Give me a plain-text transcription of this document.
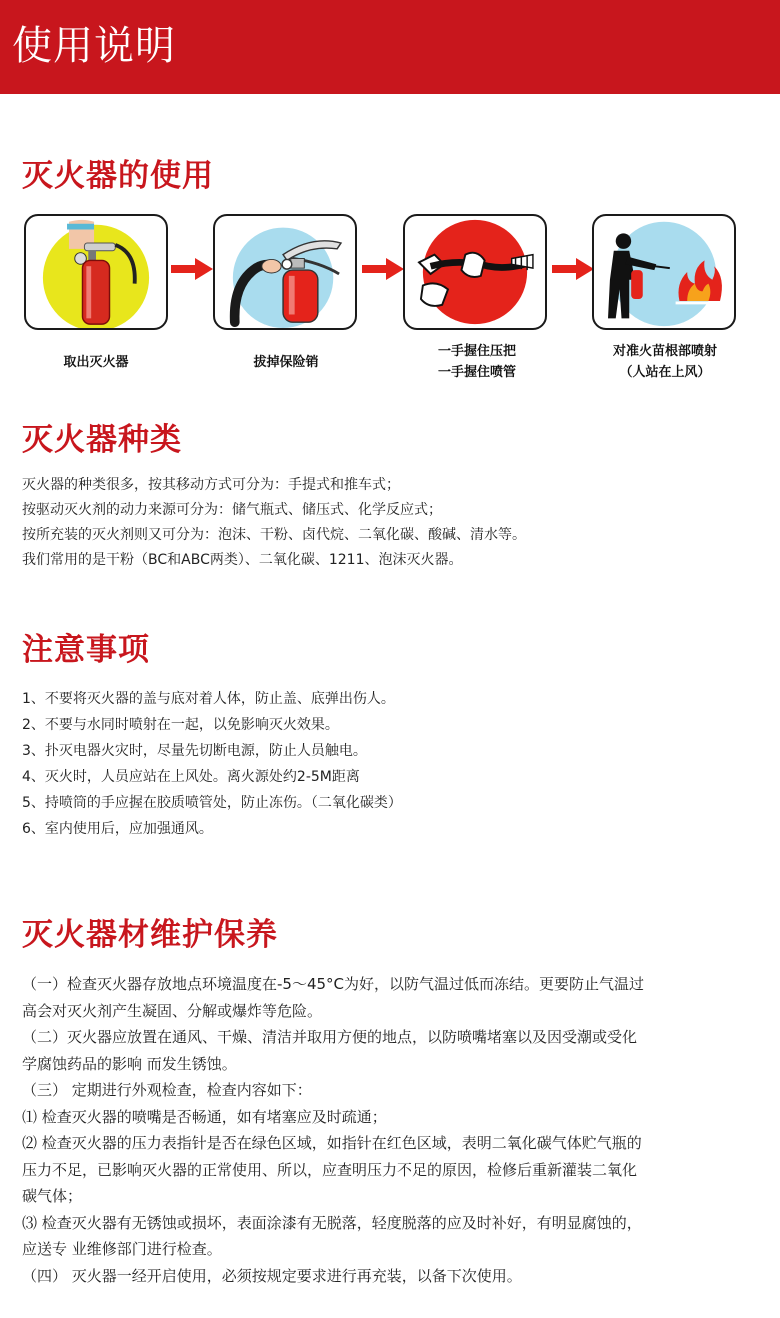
使用说明
灭火器的使用
取出灭火器	拔掉保险销
一手握住压把
一手握住喷管
对准火苗根部喷射
（人站在上风）
灭火器种类
灭火器的种类很多，按其移动方式可分为：手提式和推车式；
按驱动灭火剂的动力来源可分为：储气瓶式、储压式、化学反应式；
按所充装的灭火剂则又可分为：泡沫、干粉、卤代烷、二氧化碳、酸碱、清水等。
我们常用的是干粉（BC和ABC两类）、二氧化碳、1211、泡沫灭火器。
注意事项
1、不要将灭火器的盖与底对着人体，防止盖、底弹出伤人。
2、不要与水同时喷射在一起，以免影响灭火效果。
3、扑灭电器火灾时，尽量先切断电源，防止人员触电。
4、灭火时，人员应站在上风处。离火源处约2-5M距离
5、持喷筒的手应握在胶质喷管处，防止冻伤。（二氧化碳类）
6、室内使用后，应加强通风。
灭火器材维护保养
（一）检查灭火器存放地点环境温度在-5～45°C为好，以防气温过低而冻结。更要防止气温过
高会对灭火剂产生凝固、分解或爆炸等危险。
（二）灭火器应放置在通风、干燥、清洁并取用方便的地点，以防喷嘴堵塞以及因受潮或受化
学腐蚀药品的影响 而发生锈蚀。
（三） 定期进行外观检查，检查内容如下：
⑴ 检查灭火器的喷嘴是否畅通，如有堵塞应及时疏通；
⑵ 检查灭火器的压力表指针是否在绿色区域，如指针在红色区域，表明二氧化碳气体贮气瓶的
压力不足，已影响灭火器的正常使用、所以，应查明压力不足的原因，检修后重新灌装二氧化
碳气体；
⑶ 检查灭火器有无锈蚀或损坏，表面涂漆有无脱落，轻度脱落的应及时补好，有明显腐蚀的，
应送专 业维修部门进行检查。
（四） 灭火器一经开启使用，必须按规定要求进行再充装，以备下次使用。
